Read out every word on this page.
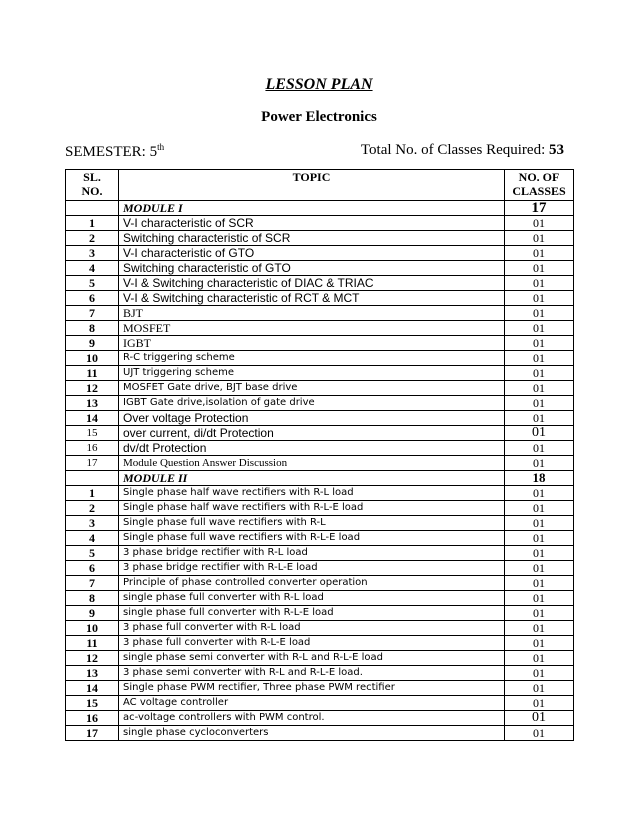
LESSON PLAN
Power Electronics
SEMESTER: 5th	Total No. of Classes Required: 53
SL.
NO.	TOPIC	NO. OF
CLASSES
	MODULE I	17
1	V-I characteristic of SCR	01
2	Switching characteristic of SCR	01
3	V-I characteristic of GTO	01
4	Switching characteristic of GTO	01
5	V-I & Switching characteristic of DIAC & TRIAC	01
6	V-I & Switching characteristic of RCT & MCT	01
7	BJT	01
8	MOSFET	01
9	IGBT	01
10	R-C triggering scheme	01
11	UJT triggering scheme	01
12	MOSFET Gate drive, BJT base drive	01
13	IGBT Gate drive,isolation of gate drive	01
14	Over voltage Protection	01
15	over current, di/dt Protection	01
16	dv/dt Protection	01
17	Module Question Answer Discussion	01
	MODULE II	18
1	Single phase half wave rectifiers with R-L load	01
2	Single phase half wave rectifiers with R-L-E load	01
3	Single phase full wave rectifiers with R-L	01
4	Single phase full wave rectifiers with R-L-E load	01
5	3 phase bridge rectifier with R-L load	01
6	3 phase bridge rectifier with R-L-E load	01
7	Principle of phase controlled converter operation	01
8	single phase full converter with R-L load	01
9	single phase full converter with R-L-E load	01
10	3 phase full converter with R-L load	01
11	3 phase full converter with R-L-E load	01
12	single phase semi converter with R-L and R-L-E load	01
13	3 phase semi converter with R-L and R-L-E load.	01
14	Single phase PWM rectifier, Three phase PWM rectifier	01
15	AC voltage controller	01
16	ac-voltage controllers with PWM control.	01
17	single phase cycloconverters	01
